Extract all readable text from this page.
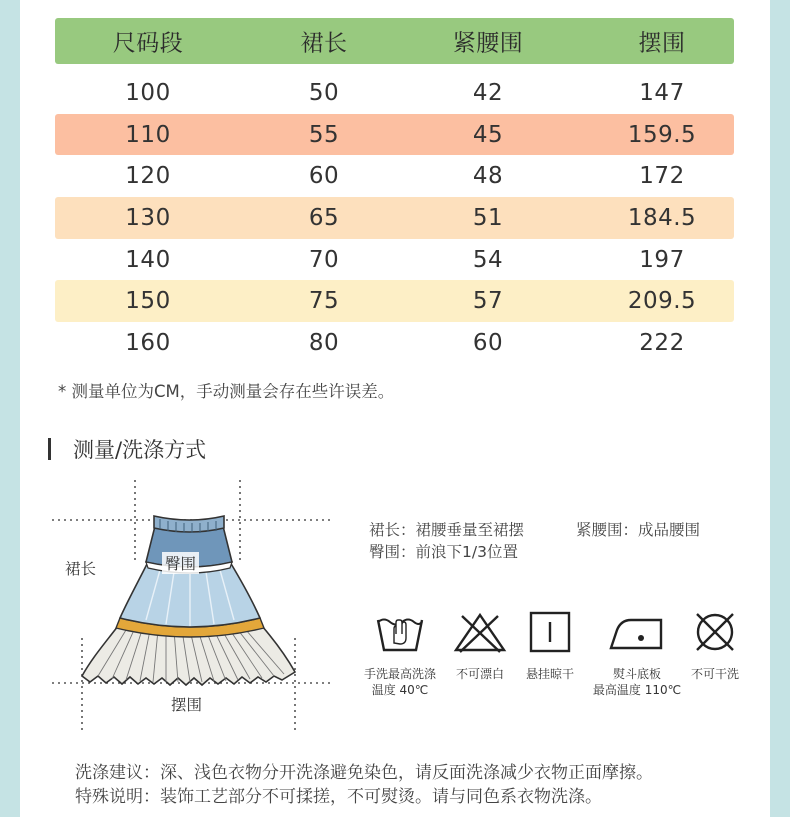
尺码段	裙长	紧腰围	摆围
100	50	42	147
110	55	45	159.5
120	60	48	172
130	65	51	184.5
140	70	54	197
150	75	57	209.5
160	80	60	222
* 测量单位为CM，手动测量会存在些许误差。
测量/洗涤方式
裙长	臀围
摆围
裙长：裙腰垂量至裙摆	紧腰围：成品腰围
臀围：前浪下1/3位置
手洗最高洗涤
温度 40℃
不可漂白	悬挂晾干	熨斗底板
最高温度 110℃
不可干洗
洗涤建议：深、浅色衣物分开洗涤避免染色，请反面洗涤减少衣物正面摩擦。
特殊说明：装饰工艺部分不可揉搓，不可熨烫。请与同色系衣物洗涤。
